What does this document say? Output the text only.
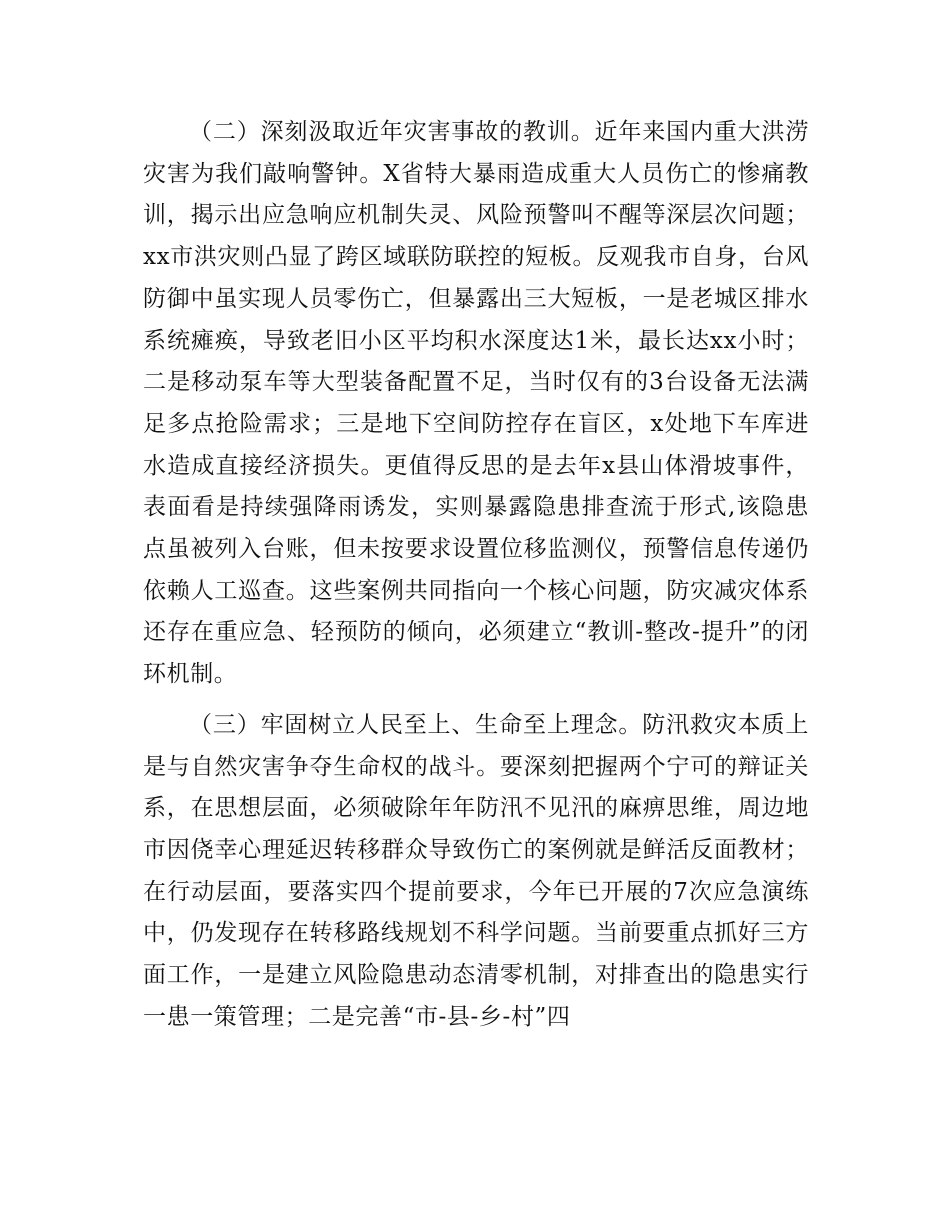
（二）深刻汲取近年灾害事故的教训。近年来国内重大洪涝灾害为我们敲响警钟。X省特大暴雨造成重大人员伤亡的惨痛教训，揭示出应急响应机制失灵、风险预警叫不醒等深层次问题；xx市洪灾则凸显了跨区域联防联控的短板。反观我市自身，台风防御中虽实现人员零伤亡，但暴露出三大短板，一是老城区排水系统瘫痪，导致老旧小区平均积水深度达1米，最长达xx小时；二是移动泵车等大型装备配置不足，当时仅有的3台设备无法满足多点抢险需求；三是地下空间防控存在盲区，x处地下车库进水造成直接经济损失。更值得反思的是去年x县山体滑坡事件，表面看是持续强降雨诱发，实则暴露隐患排查流于形式,该隐患点虽被列入台账，但未按要求设置位移监测仪，预警信息传递仍依赖人工巡查。这些案例共同指向一个核心问题，防灾减灾体系还存在重应急、轻预防的倾向，必须建立“教训-整改-提升”的闭环机制。

（三）牢固树立人民至上、生命至上理念。防汛救灾本质上是与自然灾害争夺生命权的战斗。要深刻把握两个宁可的辩证关系，在思想层面，必须破除年年防汛不见汛的麻痹思维，周边地市因侥幸心理延迟转移群众导致伤亡的案例就是鲜活反面教材；在行动层面，要落实四个提前要求，今年已开展的7次应急演练中，仍发现存在转移路线规划不科学问题。当前要重点抓好三方面工作，一是建立风险隐患动态清零机制，对排查出的隐患实行一患一策管理；二是完善“市-县-乡-村”四
